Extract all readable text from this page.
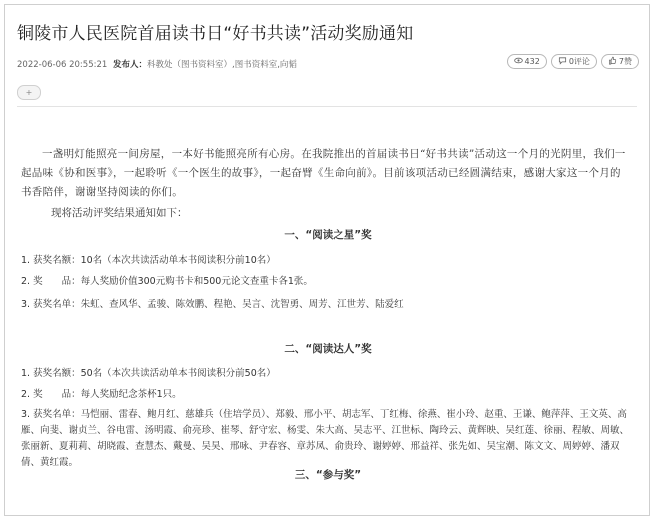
铜陵市人民医院首届读书日“好书共读”活动奖励通知
2022-06-06 20:55:21 发布人：科教处（图书资料室）,图书资料室,向韬	432	0评论	7赞
+
一盏明灯能照亮一间房屋，一本好书能照亮所有心房。在我院推出的首届读书日“好书共读”活动这一个月的光阴里，我们一起品味《协和医事》，一起聆听《一个医生的故事》，一起奋臂《生命向前》。目前该项活动已经圆满结束，感谢大家这一个月的书香陪伴，谢谢坚持阅读的你们。
现将活动评奖结果通知如下：
一、“阅读之星”奖
1. 获奖名额：10名（本次共读活动单本书阅读积分前10名）
2. 奖　　品：每人奖励价值300元购书卡和500元论文查重卡各1张。
3. 获奖名单：朱虹、查风华、孟骏、陈效鹏、程艳、吴言、沈智勇、周芳、江世芳、陆爱红
二、“阅读达人”奖
1. 获奖名额：50名（本次共读活动单本书阅读积分前50名）
2. 奖　　品：每人奖励纪念茶杯1只。
3. 获奖名单：马恺丽、雷春、鲍月红、慈雄兵（住培学员）、郑毅、邢小平、胡志军、丁红梅、徐燕、崔小玲、赵重、王谦、鲍萍萍、王文英、高雁、向斐、谢贞兰、谷电雷、汤明霞、俞亮珍、崔琴、舒守宏、杨雯、朱大高、吴志平、江世标、陶玲云、黄辉映、吴红莲、徐丽、程敏、周敏、张丽新、夏莉莉、胡晓霞、查慧杰、戴曼、吴昊、邢咏、尹春容、章苏凤、俞贵玲、谢婷婷、邢益祥、张先如、吴宝潮、陈文文、周婷婷、潘双倩、黄红霞。
三、“参与奖”
